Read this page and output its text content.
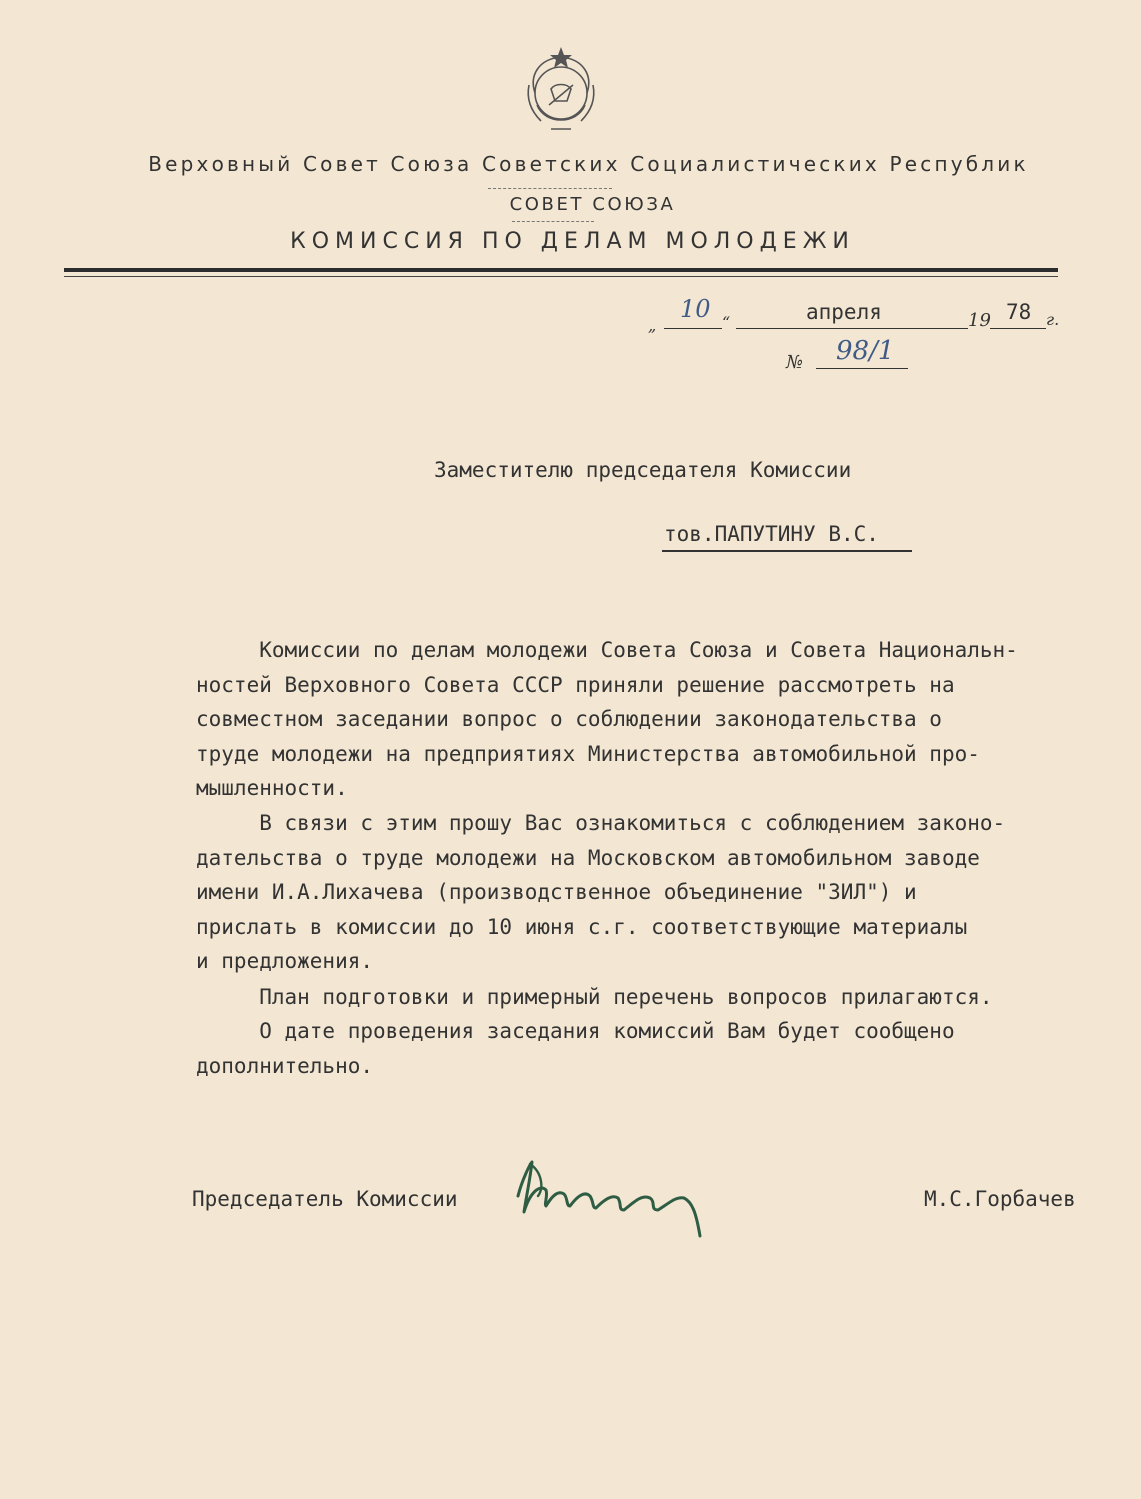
Верховный Совет Союза Советских Социалистических Республик
СОВЕТ СОЮЗА
КОМИССИЯ ПО ДЕЛАМ МОЛОДЕЖИ
„
10 “	апреля	19 78 г.
№ 98/1
Заместителю председателя Комиссии
тов.ПАПУТИНУ В.С.
Комиссии по делам молодежи Совета Союза и Совета Национальн-
ностей Верховного Совета СССР приняли решение рассмотреть на
совместном заседании вопрос о соблюдении законодательства о
труде молодежи на предприятиях Министерства автомобильной про-
мышленности.
В связи с этим прошу Вас ознакомиться с соблюдением законо-
дательства о труде молодежи на Московском автомобильном заводе
имени И.А.Лихачева (производственное объединение "ЗИЛ") и
прислать в комиссии до 10 июня с.г. соответствующие материалы
и предложения.
План подготовки и примерный перечень вопросов прилагаются.
О дате проведения заседания комиссий Вам будет сообщено
дополнительно.
Председатель Комиссии	М.С.Горбачев
